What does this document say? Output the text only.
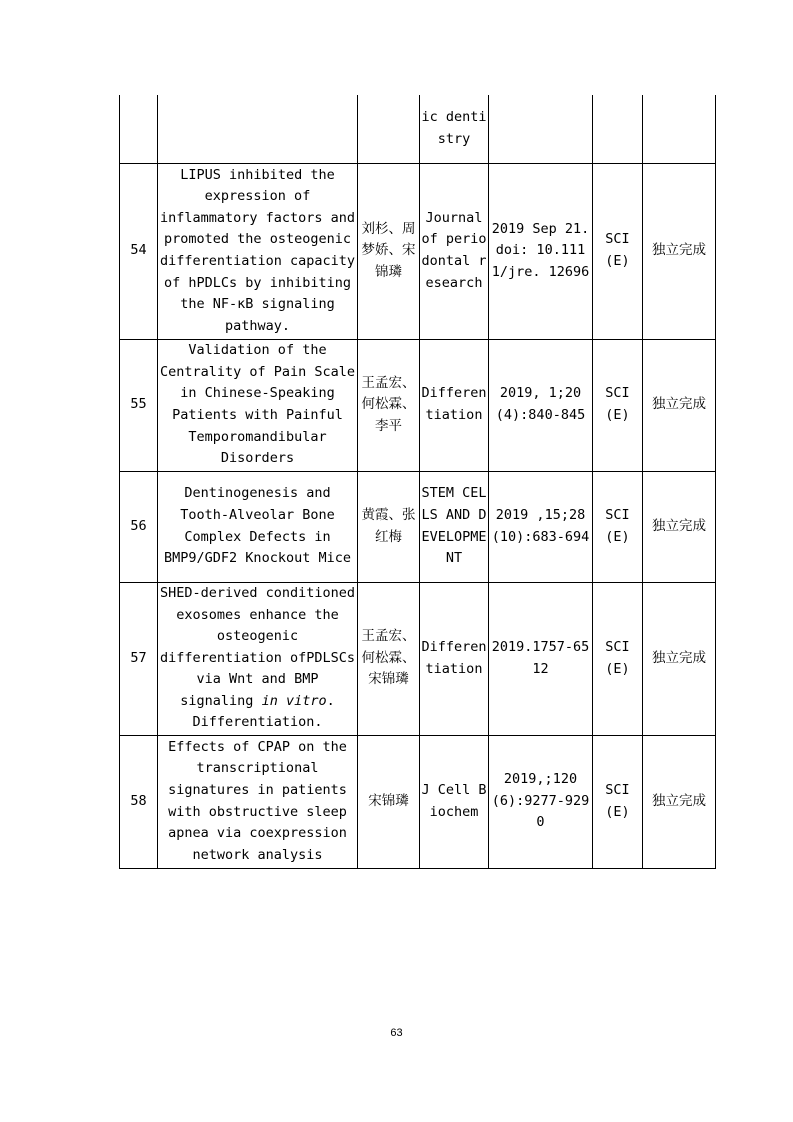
			ic dentistry			
54	LIPUS inhibited the expression of inflammatory factors and promoted the osteogenic differentiation capacity of hPDLCs by inhibiting the NF-κB signaling pathway.	刘杉、周梦娇、宋锦璘	Journal of periodontal research	2019 Sep 21. doi: 10.1111/jre. 12696	SCI(E)	独立完成
55	Validation of the Centrality of Pain Scale in Chinese-Speaking Patients with Painful Temporomandibular Disorders	王孟宏、何松霖、李平	Differentiation	2019, 1;20(4):840-845	SCI(E)	独立完成
56	Dentinogenesis and Tooth-Alveolar Bone Complex Defects in BMP9/GDF2 Knockout Mice	黄霞、张红梅	STEM CELLS AND DEVELOPMENT	2019 ,15;28(10):683-694	SCI(E)	独立完成
57	SHED-derived conditioned exosomes enhance the osteogenic differentiation ofPDLSCs via Wnt and BMP signaling in vitro. Differentiation.	王孟宏、何松霖、宋锦璘	Differentiation	2019.1757-6512	SCI(E)	独立完成
58	Effects of CPAP on the transcriptional signatures in patients with obstructive sleep apnea via coexpression network analysis	宋锦璘	J Cell Biochem	2019,;120(6):9277-9290	SCI(E)	独立完成
63
